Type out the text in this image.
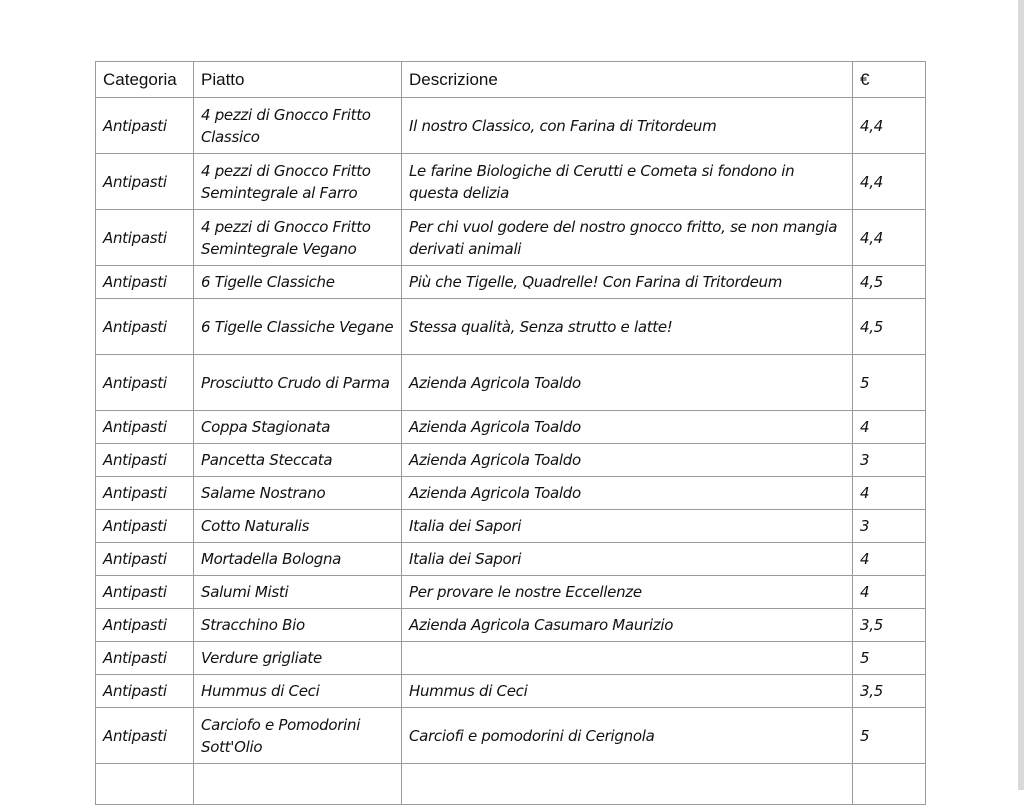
Categoria	Piatto	Descrizione	€
Antipasti	4 pezzi di Gnocco Fritto Classico	Il nostro Classico, con Farina di Tritordeum	4,4
Antipasti	4 pezzi di Gnocco Fritto Semintegrale al Farro	Le farine Biologiche di Cerutti e Cometa si fondono in questa delizia	4,4
Antipasti	4 pezzi di Gnocco Fritto Semintegrale Vegano	Per chi vuol godere del nostro gnocco fritto, se non mangia derivati animali	4,4
Antipasti	6 Tigelle Classiche	Più che Tigelle, Quadrelle! Con Farina di Tritordeum	4,5
Antipasti	6 Tigelle Classiche Vegane	Stessa qualità, Senza strutto e latte!	4,5
Antipasti	Prosciutto Crudo di Parma	Azienda Agricola Toaldo	5
Antipasti	Coppa Stagionata	Azienda Agricola Toaldo	4
Antipasti	Pancetta Steccata	Azienda Agricola Toaldo	3
Antipasti	Salame Nostrano	Azienda Agricola Toaldo	4
Antipasti	Cotto Naturalis	Italia dei Sapori	3
Antipasti	Mortadella Bologna	Italia dei Sapori	4
Antipasti	Salumi Misti	Per provare le nostre Eccellenze	4
Antipasti	Stracchino Bio	Azienda Agricola Casumaro Maurizio	3,5
Antipasti	Verdure grigliate		5
Antipasti	Hummus di Ceci	Hummus di Ceci	3,5
Antipasti	Carciofo e Pomodorini Sott'Olio	Carciofi e pomodorini di Cerignola	5
